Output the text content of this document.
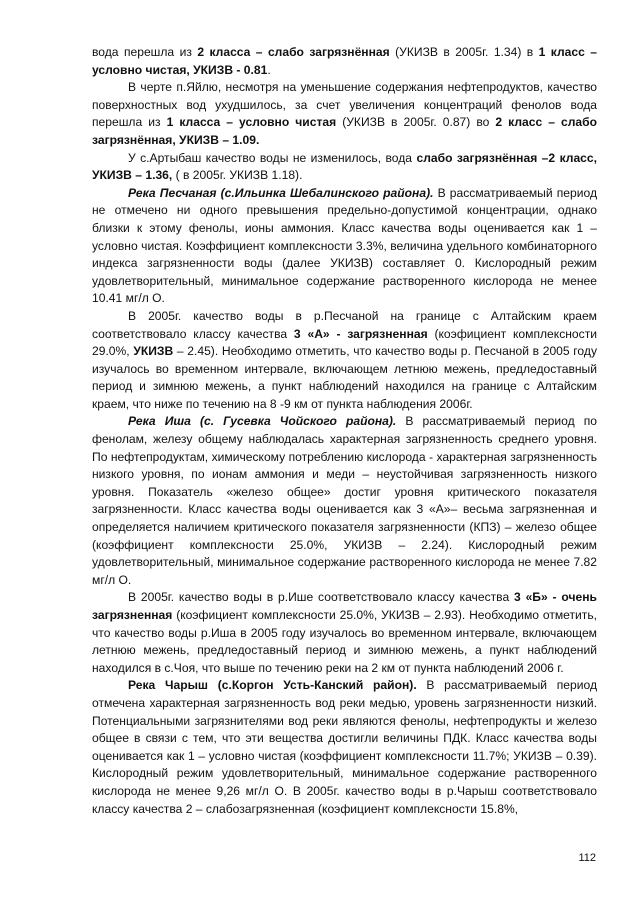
вода перешла из 2 класса – слабо загрязнённая (УКИЗВ в 2005г. 1.34) в 1 класс – условно чистая, УКИЗВ - 0.81.

В черте п.Яйлю, несмотря на уменьшение содержания нефтепродуктов, качество поверхностных вод ухудшилось, за счет увеличения концентраций фенолов вода перешла из 1 класса – условно чистая (УКИЗВ в 2005г. 0.87) во 2 класс – слабо загрязнённая, УКИЗВ – 1.09.

У с.Артыбаш качество воды не изменилось, вода слабо загрязнённая –2 класс, УКИЗВ – 1.36, ( в 2005г. УКИЗВ 1.18).

Река Песчаная (с.Ильинка Шебалинского района). В рассматриваемый период не отмечено ни одного превышения предельно-допустимой концентрации, однако близки к этому фенолы, ионы аммония. Класс качества воды оценивается как 1 – условно чистая. Коэффициент комплексности 3.3%, величина удельного комбинаторного индекса загрязненности воды (далее УКИЗВ) составляет 0. Кислородный режим удовлетворительный, минимальное содержание растворенного кислорода не менее 10.41 мг/л О.

В 2005г. качество воды в р.Песчаной на границе с Алтайским краем соответствовало классу качества 3 «А» - загрязненная (коэфициент комплексности 29.0%, УКИЗВ – 2.45). Необходимо отметить, что качество воды р. Песчаной в 2005 году изучалось во временном интервале, включающем летнюю межень, предледоставный период и зимнюю межень, а пункт наблюдений находился на границе с Алтайским краем, что ниже по течению на 8 -9 км от пункта наблюдения 2006г.

Река Иша (с. Гусевка Чойского района). В рассматриваемый период по фенолам, железу общему наблюдалась характерная загрязненность среднего уровня. По нефтепродуктам, химическому потреблению кислорода - характерная загрязненность низкого уровня, по ионам аммония и меди – неустойчивая загрязненность низкого уровня. Показатель «железо общее» достиг уровня критического показателя загрязненности. Класс качества воды оценивается как 3 «А»– весьма загрязненная и определяется наличием критического показателя загрязненности (КПЗ) – железо общее (коэффициент комплексности 25.0%, УКИЗВ – 2.24). Кислородный режим удовлетворительный, минимальное содержание растворенного кислорода не менее 7.82 мг/л О.

В 2005г. качество воды в р.Ише соответствовало классу качества 3 «Б» - очень загрязненная (коэфициент комплексности 25.0%, УКИЗВ – 2.93). Необходимо отметить, что качество воды р.Иша в 2005 году изучалось во временном интервале, включающем летнюю межень, предледоставный период и зимнюю межень, а пункт наблюдений находился в с.Чоя, что выше по течению реки на 2 км от пункта наблюдений 2006 г.

Река Чарыш (с.Коргон Усть-Канский район). В рассматриваемый период отмечена характерная загрязненность вод реки медью, уровень загрязненности низкий. Потенциальными загрязнителями вод реки являются фенолы, нефтепродукты и железо общее в связи с тем, что эти вещества достигли величины ПДК. Класс качества воды оценивается как 1 – условно чистая (коэффициент комплексности 11.7%; УКИЗВ – 0.39). Кислородный режим удовлетворительный, минимальное содержание растворенного кислорода не менее 9,26 мг/л О. В 2005г. качество воды в р.Чарыш соответствовало классу качества 2 – слабозагрязненная (коэфициент комплексности 15.8%,

112
